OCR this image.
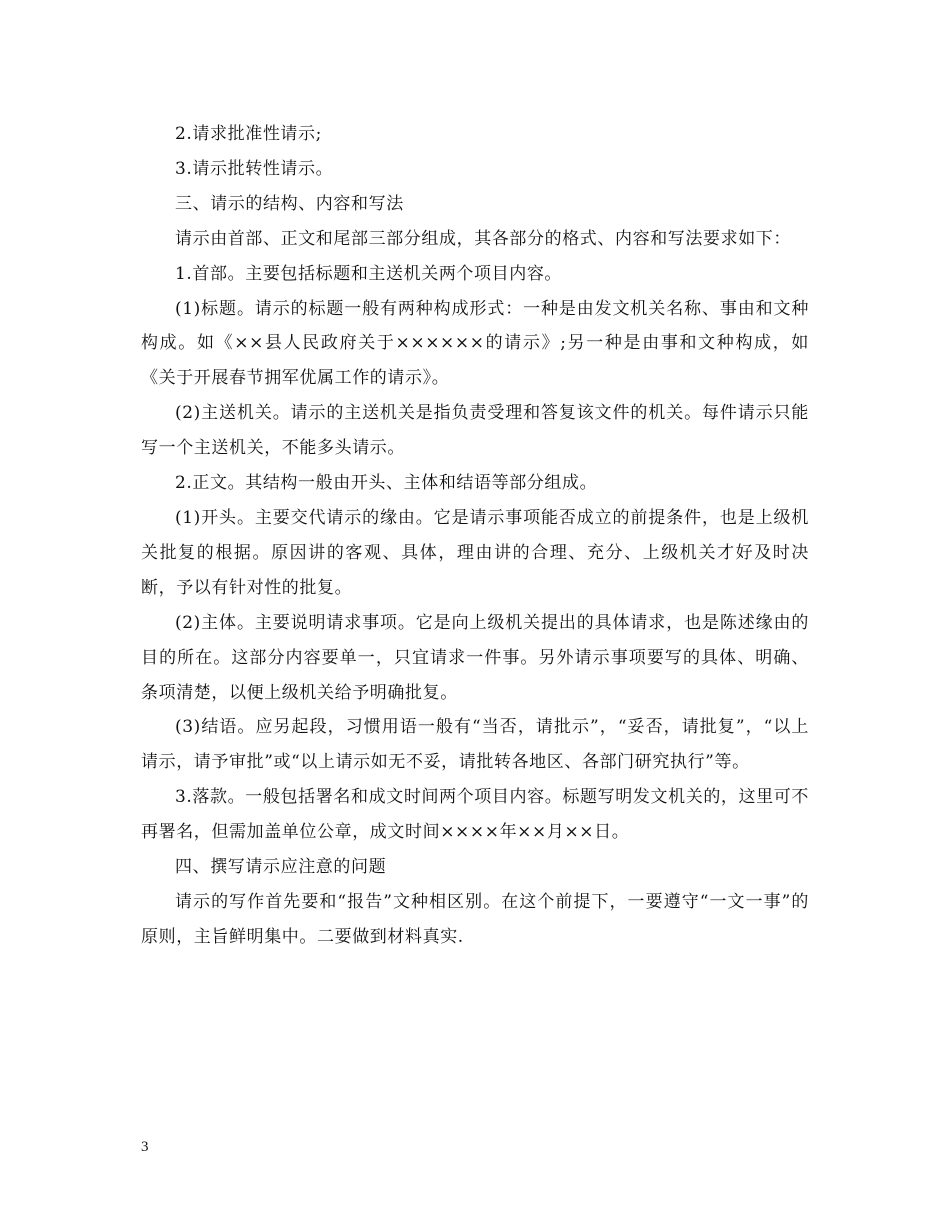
2.请求批准性请示;

3.请示批转性请示。

三、请示的结构、内容和写法

请示由首部、正文和尾部三部分组成，其各部分的格式、内容和写法要求如下：

1.首部。主要包括标题和主送机关两个项目内容。

(1)标题。请示的标题一般有两种构成形式：一种是由发文机关名称、事由和文种构成。如《××县人民政府关于××××××的请示》;另一种是由事和文种构成，如《关于开展春节拥军优属工作的请示》。

(2)主送机关。请示的主送机关是指负责受理和答复该文件的机关。每件请示只能写一个主送机关，不能多头请示。

2.正文。其结构一般由开头、主体和结语等部分组成。

(1)开头。主要交代请示的缘由。它是请示事项能否成立的前提条件，也是上级机关批复的根据。原因讲的客观、具体，理由讲的合理、充分、上级机关才好及时决断，予以有针对性的批复。

(2)主体。主要说明请求事项。它是向上级机关提出的具体请求，也是陈述缘由的目的所在。这部分内容要单一，只宜请求一件事。另外请示事项要写的具体、明确、条项清楚，以便上级机关给予明确批复。

(3)结语。应另起段，习惯用语一般有“当否，请批示”，“妥否，请批复”，“以上请示，请予审批”或“以上请示如无不妥，请批转各地区、各部门研究执行”等。

3.落款。一般包括署名和成文时间两个项目内容。标题写明发文机关的，这里可不再署名，但需加盖单位公章，成文时间××××年××月××日。

四、撰写请示应注意的问题

请示的写作首先要和“报告”文种相区别。在这个前提下，一要遵守“一文一事”的原则，主旨鲜明集中。二要做到材料真实.

3
